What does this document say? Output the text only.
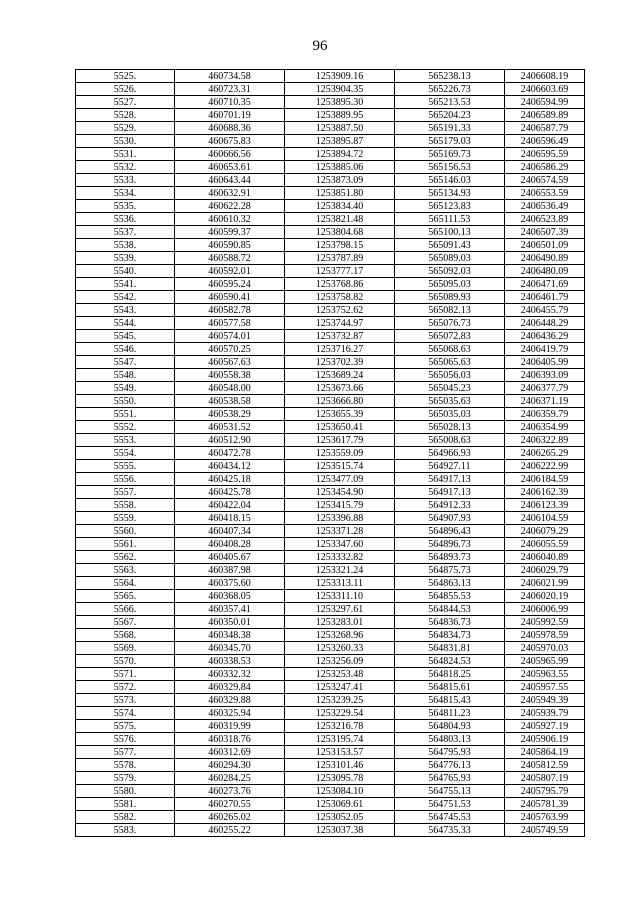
96
5525.	460734.58	1253909.16	565238.13	2406608.19
5526.	460723.31	1253904.35	565226.73	2406603.69
5527.	460710.35	1253895.30	565213.53	2406594.99
5528.	460701.19	1253889.95	565204.23	2406589.89
5529.	460688.36	1253887.50	565191.33	2406587.79
5530.	460675.83	1253895.87	565179.03	2406596.49
5531.	460666.56	1253894.72	565169.73	2406595.59
5532.	460653.61	1253885.06	565156.53	2406586.29
5533.	460643.44	1253873.09	565146.03	2406574.59
5534.	460632.91	1253851.80	565134.93	2406553.59
5535.	460622.28	1253834.40	565123.83	2406536.49
5536.	460610.32	1253821.48	565111.53	2406523.89
5537.	460599.37	1253804.68	565100.13	2406507.39
5538.	460590.85	1253798.15	565091.43	2406501.09
5539.	460588.72	1253787.89	565089.03	2406490.89
5540.	460592.01	1253777.17	565092.03	2406480.09
5541.	460595.24	1253768.86	565095.03	2406471.69
5542.	460590.41	1253758.82	565089.93	2406461.79
5543.	460582.78	1253752.62	565082.13	2406455.79
5544.	460577.58	1253744.97	565076.73	2406448.29
5545.	460574.01	1253732.87	565072.83	2406436.29
5546.	460570.25	1253716.27	565068.63	2406419.79
5547.	460567.63	1253702.39	565065.63	2406405.99
5548.	460558.38	1253689.24	565056.03	2406393.09
5549.	460548.00	1253673.66	565045.23	2406377.79
5550.	460538.58	1253666.80	565035.63	2406371.19
5551.	460538.29	1253655.39	565035.03	2406359.79
5552.	460531.52	1253650.41	565028.13	2406354.99
5553.	460512.90	1253617.79	565008.63	2406322.89
5554.	460472.78	1253559.09	564966.93	2406265.29
5555.	460434.12	1253515.74	564927.11	2406222.99
5556.	460425.18	1253477.09	564917.13	2406184.59
5557.	460425.78	1253454.90	564917.13	2406162.39
5558.	460422.04	1253415.79	564912.33	2406123.39
5559.	460418.15	1253396.88	564907.93	2406104.59
5560.	460407.34	1253371.28	564896.43	2406079.29
5561.	460408.28	1253347.60	564896.73	2406055.59
5562.	460405.67	1253332.82	564893.73	2406040.89
5563.	460387.98	1253321.24	564875.73	2406029.79
5564.	460375.60	1253313.11	564863.13	2406021.99
5565.	460368.05	1253311.10	564855.53	2406020.19
5566.	460357.41	1253297.61	564844.53	2406006.99
5567.	460350.01	1253283.01	564836.73	2405992.59
5568.	460348.38	1253268.96	564834.73	2405978.59
5569.	460345.70	1253260.33	564831.81	2405970.03
5570.	460338.53	1253256.09	564824.53	2405965.99
5571.	460332.32	1253253.48	564818.25	2405963.55
5572.	460329.84	1253247.41	564815.61	2405957.55
5573.	460329.88	1253239.25	564815.43	2405949.39
5574.	460325.94	1253229.54	564811.23	2405939.79
5575.	460319.99	1253216.78	564804.93	2405927.19
5576.	460318.76	1253195.74	564803.13	2405906.19
5577.	460312.69	1253153.57	564795.93	2405864.19
5578.	460294.30	1253101.46	564776.13	2405812.59
5579.	460284.25	1253095.78	564765.93	2405807.19
5580.	460273.76	1253084.10	564755.13	2405795.79
5581.	460270.55	1253069.61	564751.53	2405781.39
5582.	460265.02	1253052.05	564745.53	2405763.99
5583.	460255.22	1253037.38	564735.33	2405749.59
